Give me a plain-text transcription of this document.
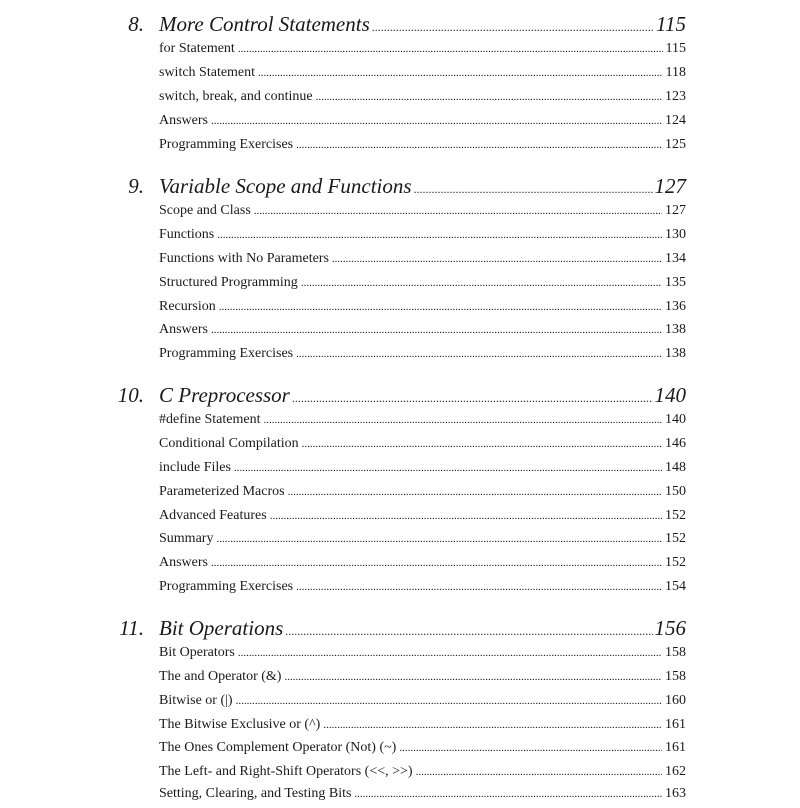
8. More Control Statements .....	115
for Statement .....	115
switch Statement .....	118
switch, break, and continue .....	123
Answers .....	124
Programming Exercises .....	125
9. Variable Scope and Functions .....	127
Scope and Class .....	127
Functions .....	130
Functions with No Parameters .....	134
Structured Programming .....	135
Recursion .....	136
Answers .....	138
Programming Exercises .....	138
10. C Preprocessor .....	140
#define Statement .....	140
Conditional Compilation .....	146
include Files .....	148
Parameterized Macros .....	150
Advanced Features .....	152
Summary .....	152
Answers .....	152
Programming Exercises .....	154
11. Bit Operations .....	156
Bit Operators .....	158
The and Operator (&) .....	158
Bitwise or (|) .....	160
The Bitwise Exclusive or (^) .....	161
The Ones Complement Operator (Not) (~) .....	161
The Left- and Right-Shift Operators (<<, >>) .....	162
Setting, Clearing, and Testing Bits .....	163
